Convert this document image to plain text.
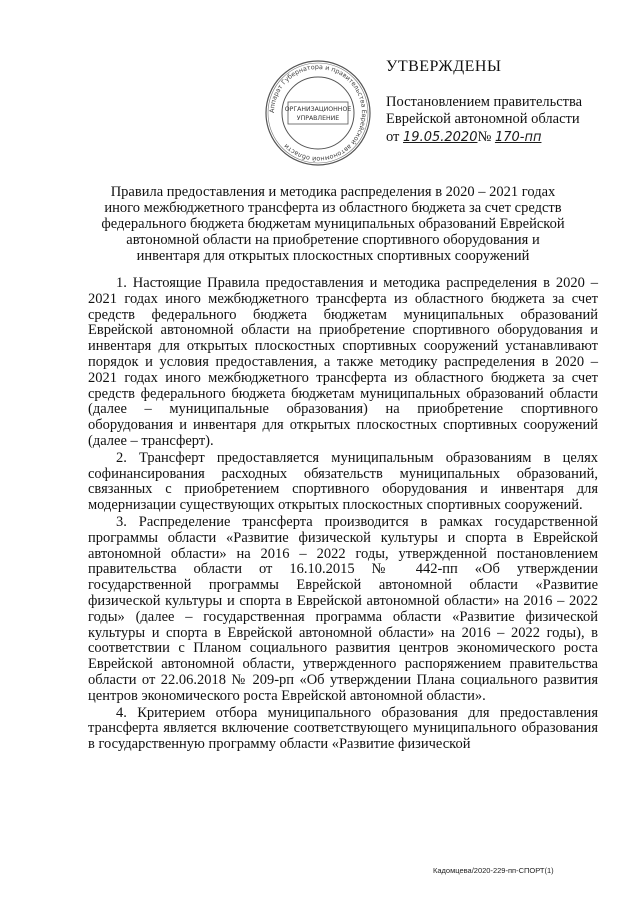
Аппарат Губернатора и правительства Еврейской автономной области
ОРГАНИЗАЦИОННОЕ
УПРАВЛЕНИЕ
УТВЕРЖДЕНЫ
Постановлением правительства
Еврейской автономной области
от 19.05.2020№ 170-пп
Правила предоставления и методика распределения в 2020 – 2021 годах иного межбюджетного трансферта из областного бюджета за счет средств федерального бюджета бюджетам муниципальных образований Еврейской автономной области на приобретение спортивного оборудования и инвентаря для открытых плоскостных спортивных сооружений

1. Настоящие Правила предоставления и методика распределения в 2020 – 2021 годах иного межбюджетного трансферта из областного бюджета за счет средств федерального бюджета бюджетам муниципальных образований Еврейской автономной области на приобретение спортивного оборудования и инвентаря для открытых плоскостных спортивных сооружений устанавливают порядок и условия предоставления, а также методику распределения в 2020 – 2021 годах иного межбюджетного трансферта из областного бюджета за счет средств федерального бюджета бюджетам муниципальных образований области (далее – муниципальные образования) на приобретение спортивного оборудования и инвентаря для открытых плоскостных спортивных сооружений (далее – трансферт).

2. Трансферт предоставляется муниципальным образованиям в целях софинансирования расходных обязательств муниципальных образований, связанных с приобретением спортивного оборудования и инвентаря для модернизации существующих открытых плоскостных спортивных сооружений.

3. Распределение трансферта производится в рамках государственной программы области «Развитие физической культуры и спорта в Еврейской автономной области» на 2016 – 2022 годы, утвержденной постановлением правительства области от 16.10.2015 № 442-пп «Об утверждении государственной программы Еврейской автономной области «Развитие физической культуры и спорта в Еврейской автономной области» на 2016 – 2022 годы» (далее – государственная программа области «Развитие физической культуры и спорта в Еврейской автономной области» на 2016 – 2022 годы), в соответствии с Планом социального развития центров экономического роста Еврейской автономной области, утвержденного распоряжением правительства области от 22.06.2018 № 209-рп «Об утверждении Плана социального развития центров экономического роста Еврейской автономной области».

4. Критерием отбора муниципального образования для предоставления трансферта является включение соответствующего муниципального образования в государственную программу области «Развитие физической

Кадомцева/2020-229-пп-СПОРТ(1)
